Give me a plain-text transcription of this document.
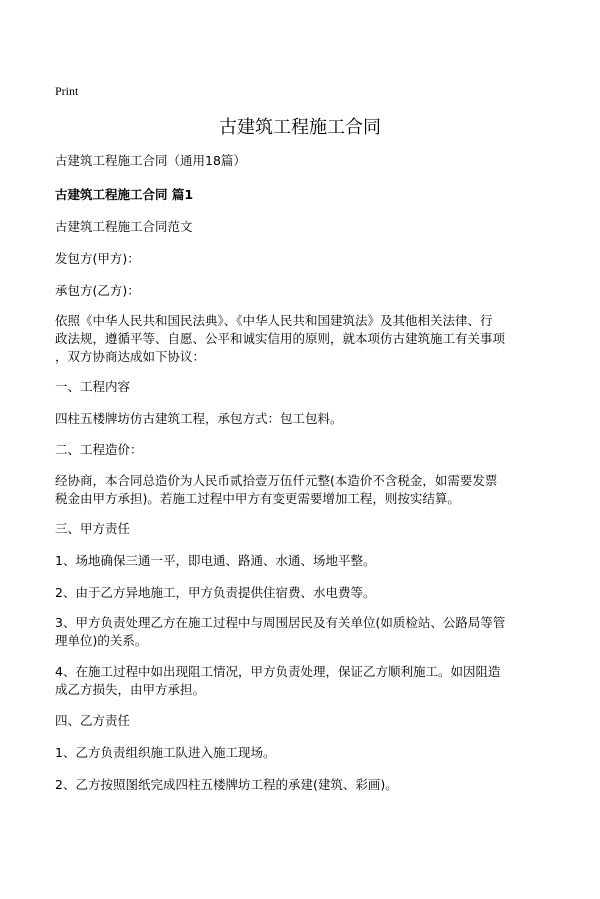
Print
古建筑工程施工合同

古建筑工程施工合同（通用18篇）

古建筑工程施工合同 篇1

古建筑工程施工合同范文

发包方(甲方)：

承包方(乙方)：

依照《中华人民共和国民法典》、《中华人民共和国建筑法》及其他相关法律、行
政法规，遵循平等、自愿、公平和诚实信用的原则，就本项仿古建筑施工有关事项
，双方协商达成如下协议：

一、工程内容

四柱五楼牌坊仿古建筑工程，承包方式：包工包料。

二、工程造价：

经协商，本合同总造价为人民币贰拾壹万伍仟元整(本造价不含税金，如需要发票
税金由甲方承担)。若施工过程中甲方有变更需要增加工程，则按实结算。

三、甲方责任

1、场地确保三通一平，即电通、路通、水通、场地平整。

2、由于乙方异地施工，甲方负责提供住宿费、水电费等。

3、甲方负责处理乙方在施工过程中与周围居民及有关单位(如质检站、公路局等管
理单位)的关系。
4、在施工过程中如出现阻工情况，甲方负责处理，保证乙方顺利施工。如因阻造
成乙方损失，由甲方承担。

四、乙方责任

1、乙方负责组织施工队进入施工现场。

2、乙方按照图纸完成四柱五楼牌坊工程的承建(建筑、彩画)。
